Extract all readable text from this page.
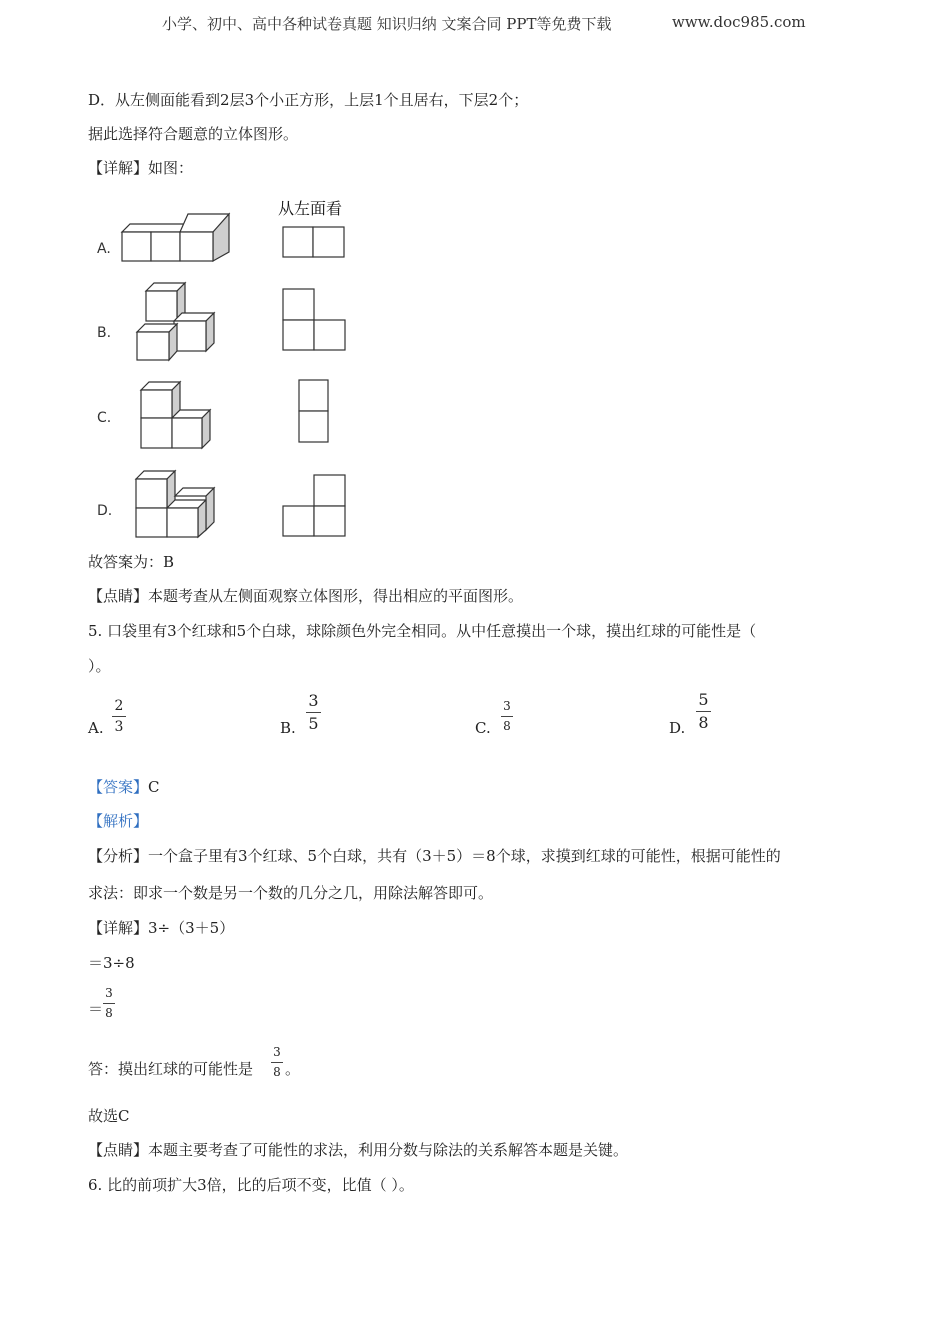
小学、初中、高中各种试卷真题 知识归纳 文案合同 PPT等免费下载	www.doc985.com
D．从左侧面能看到2层3个小正方形，上层1个且居右，下层2个；
据此选择符合题意的立体图形。
【详解】如图：
从左面看
A.
B.
C.
D.
故答案为：B
【点睛】本题考查从左侧面观察立体图形，得出相应的平面图形。
5. 口袋里有3个红球和5个白球，球除颜色外完全相同。从中任意摸出一个球，摸出红球的可能性是（
）。
A.
2
3	B.
3
5	C.
3
8	D.
5
8
【答案】C
【解析】
【分析】一个盒子里有3个红球、5个白球，共有（3＋5）＝8个球，求摸到红球的可能性，根据可能性的
求法：即求一个数是另一个数的几分之几，用除法解答即可。
【详解】3÷（3＋5）
＝3÷8
＝
3
8
答：摸出红球的可能性是
3
8 。
故选C
【点睛】本题主要考查了可能性的求法，利用分数与除法的关系解答本题是关键。
6. 比的前项扩大3倍，比的后项不变，比值（ ）。
